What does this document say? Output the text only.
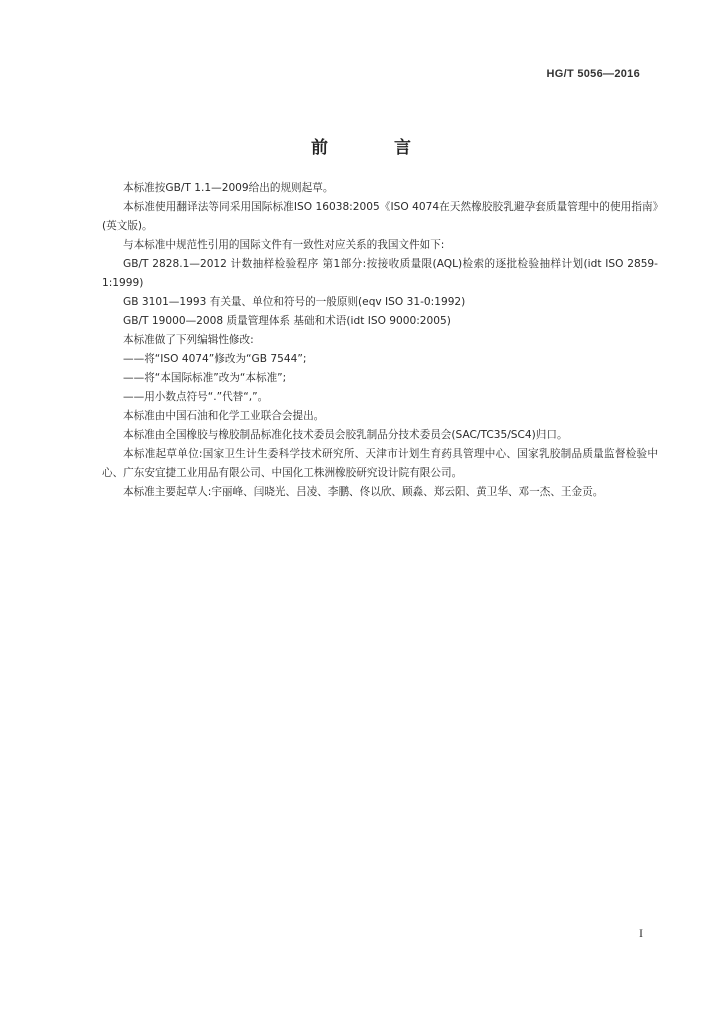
HG/T 5056—2016
前 言

本标准按GB/T 1.1—2009给出的规则起草。

本标准使用翻译法等同采用国际标准ISO 16038:2005《ISO 4074在天然橡胶胶乳避孕套质量管理中的使用指南》(英文版)。

与本标准中规范性引用的国际文件有一致性对应关系的我国文件如下:

GB/T 2828.1—2012 计数抽样检验程序 第1部分:按接收质量限(AQL)检索的逐批检验抽样计划(idt ISO 2859-1:1999)

GB 3101—1993 有关量、单位和符号的一般原则(eqv ISO 31-0:1992)

GB/T 19000—2008 质量管理体系 基础和术语(idt ISO 9000:2005)

本标准做了下列编辑性修改:

——将“ISO 4074”修改为“GB 7544”;

——将“本国际标准”改为“本标准”;

——用小数点符号“.”代替“,”。

本标准由中国石油和化学工业联合会提出。

本标准由全国橡胶与橡胶制品标准化技术委员会胶乳制品分技术委员会(SAC/TC35/SC4)归口。

本标准起草单位:国家卫生计生委科学技术研究所、天津市计划生育药具管理中心、国家乳胶制品质量监督检验中心、广东安宜捷工业用品有限公司、中国化工株洲橡胶研究设计院有限公司。

本标准主要起草人:宇丽峰、闫晓光、吕凌、李鹏、佟以欣、顾淼、郑云阳、黄卫华、邓一杰、王金贡。

I
